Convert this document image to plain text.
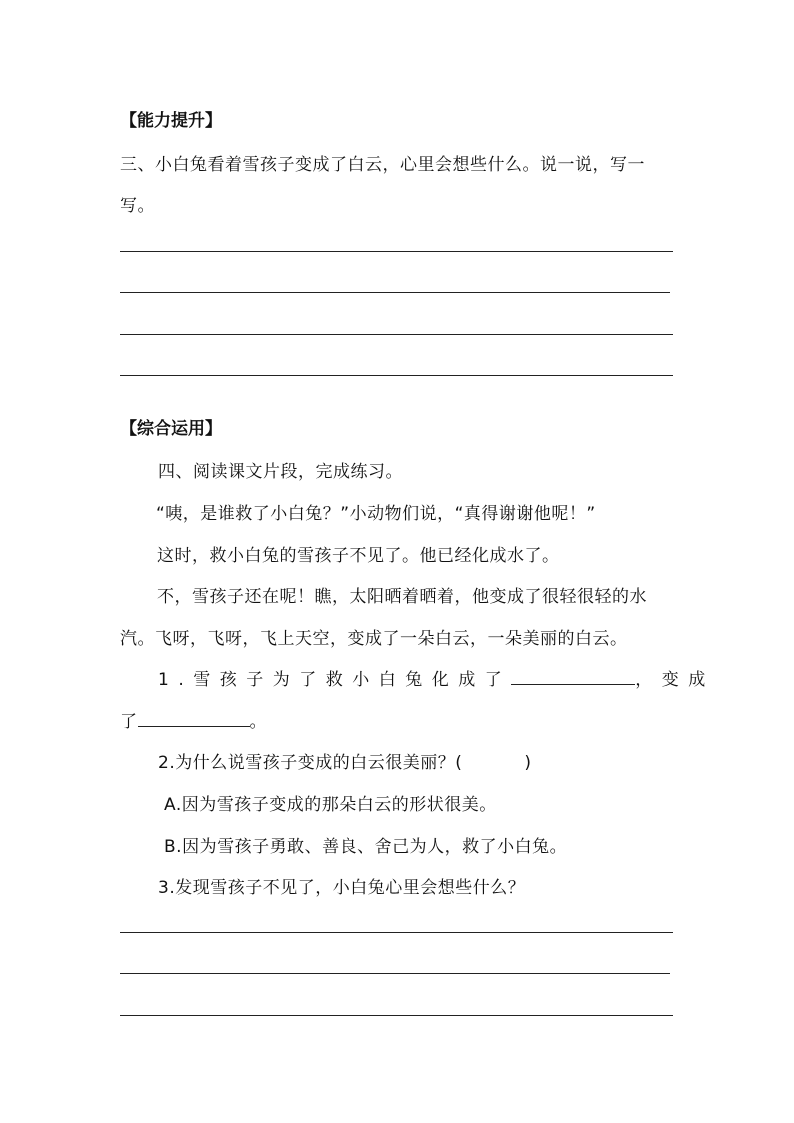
【能力提升】
三、小白兔看着雪孩子变成了白云，心里会想些什么。说一说，写一
写。
【综合运用】
四、阅读课文片段，完成练习。
“咦，是谁救了小白兔？”小动物们说，“真得谢谢他呢！”
这时，救小白兔的雪孩子不见了。他已经化成水了。
不，雪孩子还在呢！瞧，太阳晒着晒着，他变成了很轻很轻的水
汽。飞呀，飞呀，飞上天空，变成了一朵白云，一朵美丽的白云。
1.雪孩子为了救小白兔化成了	，变成
了	。
2.为什么说雪孩子变成的白云很美丽？(	)
A.因为雪孩子变成的那朵白云的形状很美。
B.因为雪孩子勇敢、善良、舍己为人，救了小白兔。
3.发现雪孩子不见了，小白兔心里会想些什么？
